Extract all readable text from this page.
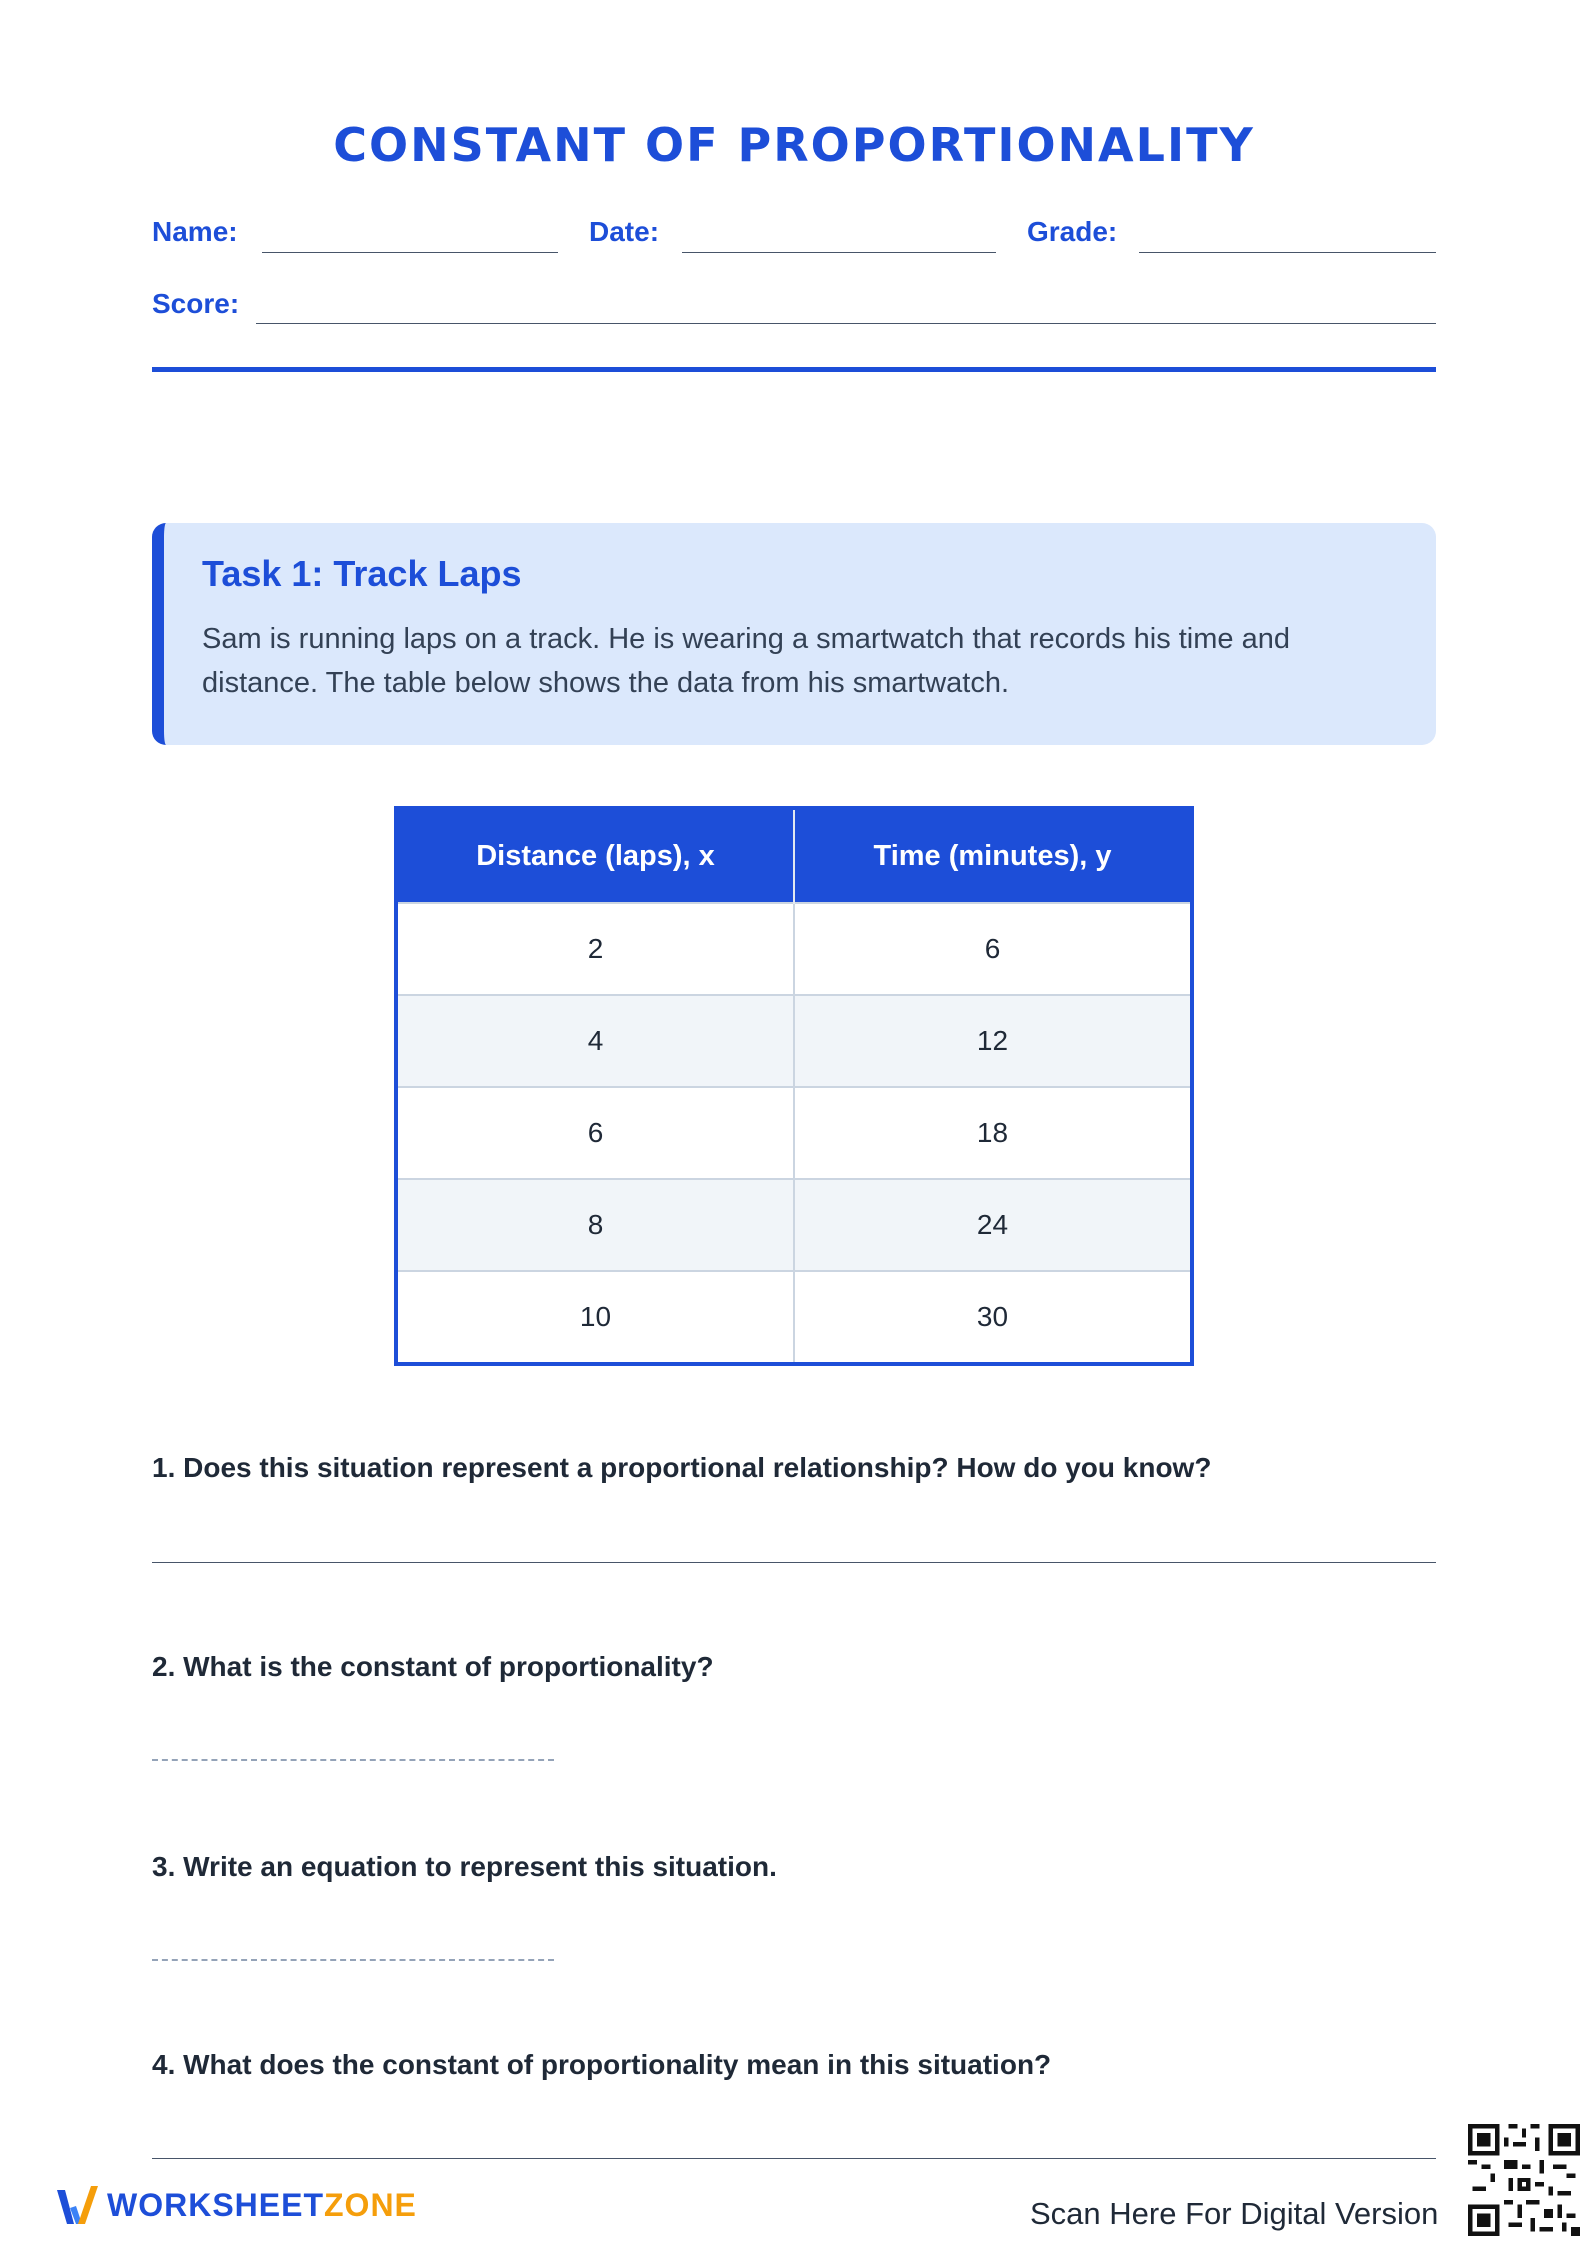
CONSTANT OF PROPORTIONALITY
Name:	Date:	Grade:
Score:
Task 1: Track Laps

Sam is running laps on a track. He is wearing a smartwatch that records his time and distance. The table below shows the data from his smartwatch.

Distance (laps), x	Time (minutes), y
2	6
4	12
6	18
8	24
10	30
1. Does this situation represent a proportional relationship? How do you know?
2. What is the constant of proportionality?
3. Write an equation to represent this situation.
4. What does the constant of proportionality mean in this situation?
WORKSHEETZONE	Scan Here For Digital Version
